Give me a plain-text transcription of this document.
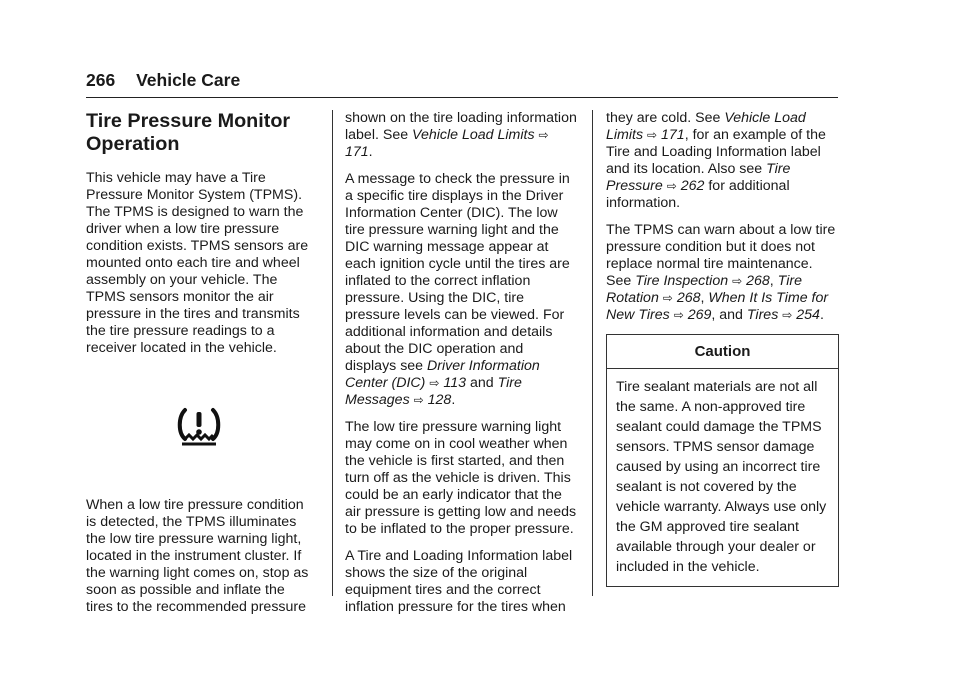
266 Vehicle Care
Tire Pressure Monitor Operation

This vehicle may have a Tire Pressure Monitor System (TPMS). The TPMS is designed to warn the driver when a low tire pressure condition exists. TPMS sensors are mounted onto each tire and wheel assembly on your vehicle. The TPMS sensors monitor the air pressure in the tires and transmits the tire pressure readings to a receiver located in the vehicle.

When a low tire pressure condition is detected, the TPMS illuminates the low tire pressure warning light, located in the instrument cluster. If the warning light comes on, stop as soon as possible and inflate the tires to the recommended pressure

shown on the tire loading information label. See Vehicle Load Limits ⇨ 171.

A message to check the pressure in a specific tire displays in the Driver Information Center (DIC). The low tire pressure warning light and the DIC warning message appear at each ignition cycle until the tires are inflated to the correct inflation pressure. Using the DIC, tire pressure levels can be viewed. For additional information and details about the DIC operation and displays see Driver Information Center (DIC) ⇨ 113 and Tire Messages ⇨ 128.

The low tire pressure warning light may come on in cool weather when the vehicle is first started, and then turn off as the vehicle is driven. This could be an early indicator that the air pressure is getting low and needs to be inflated to the proper pressure.

A Tire and Loading Information label shows the size of the original equipment tires and the correct inflation pressure for the tires when

they are cold. See Vehicle Load Limits ⇨ 171, for an example of the Tire and Loading Information label and its location. Also see Tire Pressure ⇨ 262 for additional information.

The TPMS can warn about a low tire pressure condition but it does not replace normal tire maintenance. See Tire Inspection ⇨ 268, Tire Rotation ⇨ 268, When It Is Time for New Tires ⇨ 269, and Tires ⇨ 254.

Caution
Tire sealant materials are not all the same. A non-approved tire sealant could damage the TPMS sensors. TPMS sensor damage caused by using an incorrect tire sealant is not covered by the vehicle warranty. Always use only the GM approved tire sealant available through your dealer or included in the vehicle.
